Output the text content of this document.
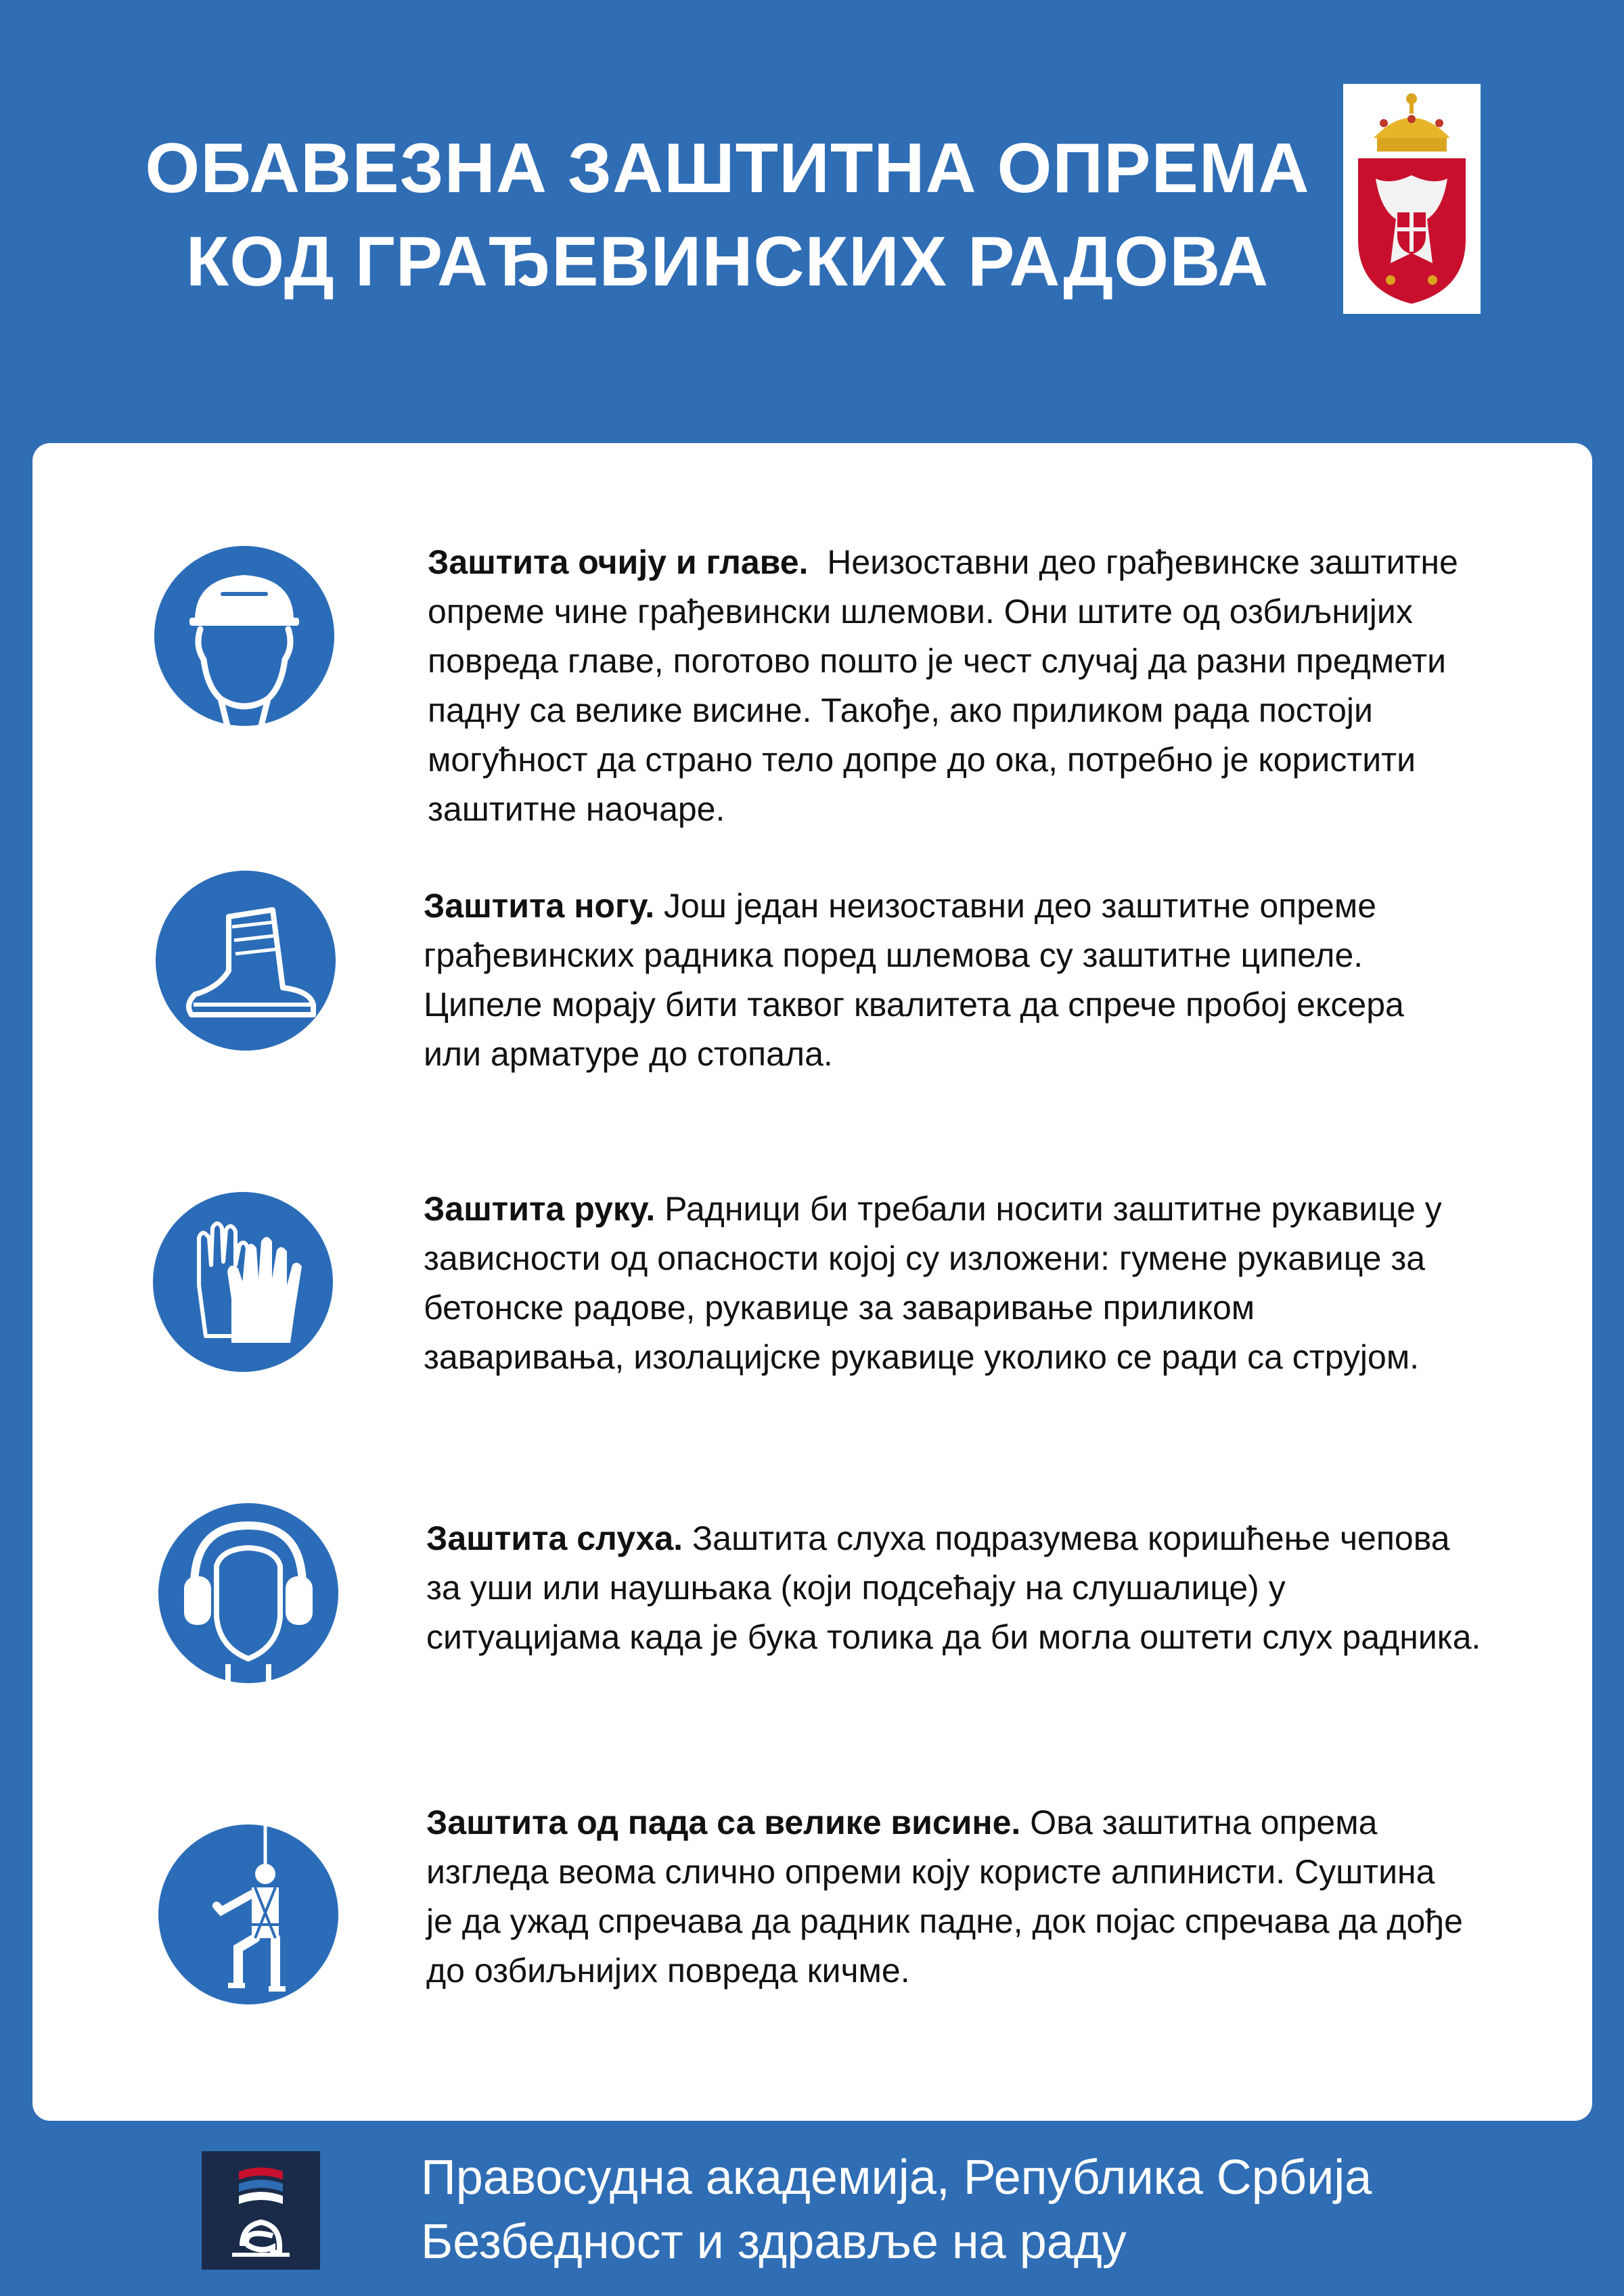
ОБАВЕЗНА ЗАШТИТНА ОПРЕМА
КОД ГРАЂЕВИНСКИХ РАДОВА
Заштита очију и главе.  Неизоставни део грађевинске заштитне
опреме чине грађевински шлемови. Они штите од озбиљнијих
повреда главе, поготово пошто је чест случај да разни предмети
падну са велике висине. Такође, ако приликом рада постоји
могућност да страно тело допре до ока, потребно је користити
заштитне наочаре.
Заштита ногу. Још један неизоставни део заштитне опреме
грађевинских радника поред шлемова су заштитне ципеле.
Ципеле морају бити таквог квалитета да спрече пробој ексера
или арматуре до стопала.
Заштита руку. Радници би требали носити заштитне рукавице у
зависности од опасности којој су изложени: гумене рукавице за
бетонске радове, рукавице за заваривање приликом
заваривања, изолацијске рукавице уколико се ради са струјом.
Заштита слуха. Заштита слуха подразумева коришћење чепова
за уши или наушњака (који подсећају на слушалице) у
ситуацијама када је бука толика да би могла оштети слух радника.
Заштита од пада са велике висине. Ова заштитна опрема
изгледа веома слично опреми коју користе алпинисти. Суштина
је да ужад спречава да радник падне, док појас спречава да дође
до озбиљнијих повреда кичме.
Правосудна академија, Република Србија
Безбедност и здравље на раду
